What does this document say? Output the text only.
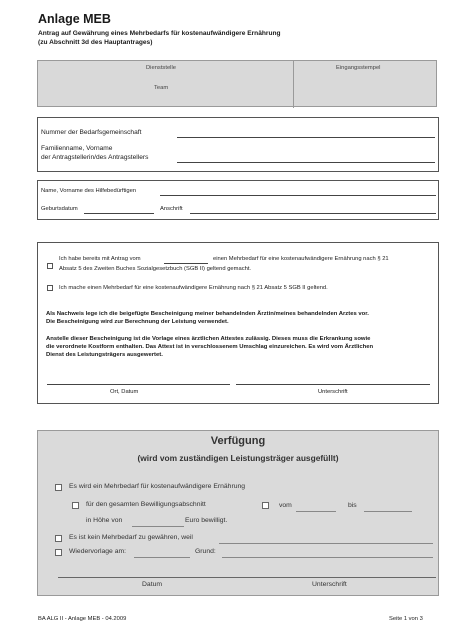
Anlage MEB
Antrag auf Gewährung eines Mehrbedarfs für kostenaufwändigere Ernährung
(zu Abschnitt 3d des Hauptantrages)
Dienststelle	Eingangsstempel
Team
Nummer der Bedarfsgemeinschaft
Familienname, Vorname
der Antragstellerin/des Antragstellers
Name, Vorname des Hilfebedürftigen
Geburtsdatum	Anschrift
Ich habe bereits mit Antrag vom	einen Mehrbedarf für eine kostenaufwändigere Ernährung nach § 21
Absatz 5 des Zweiten Buches Sozialgesetzbuch (SGB II) geltend gemacht.
Ich mache einen Mehrbedarf für eine kostenaufwändigere Ernährung nach § 21 Absatz 5 SGB II geltend.
Als Nachweis lege ich die beigefügte Bescheinigung meiner behandelnden Ärztin/meines behandelnden Arztes vor.
Die Bescheinigung wird zur Berechnung der Leistung verwendet.
Anstelle dieser Bescheinigung ist die Vorlage eines ärztlichen Attestes zulässig. Dieses muss die Erkrankung sowie
die verordnete Kostform enthalten. Das Attest ist in verschlossenem Umschlag einzureichen. Es wird vom Ärztlichen
Dienst des Leistungsträgers ausgewertet.
Ort, Datum	Unterschrift
Verfügung
(wird vom zuständigen Leistungsträger ausgefüllt)
Es wird ein Mehrbedarf für kostenaufwändigere Ernährung
für den gesamten Bewilligungsabschnitt	vom	bis
in Höhe von	Euro bewilligt.
Es ist kein Mehrbedarf zu gewähren, weil
Wiedervorlage am:	Grund:
Datum	Unterschrift
BA ALG II - Anlage MEB - 04.2009	Seite 1 von 3
